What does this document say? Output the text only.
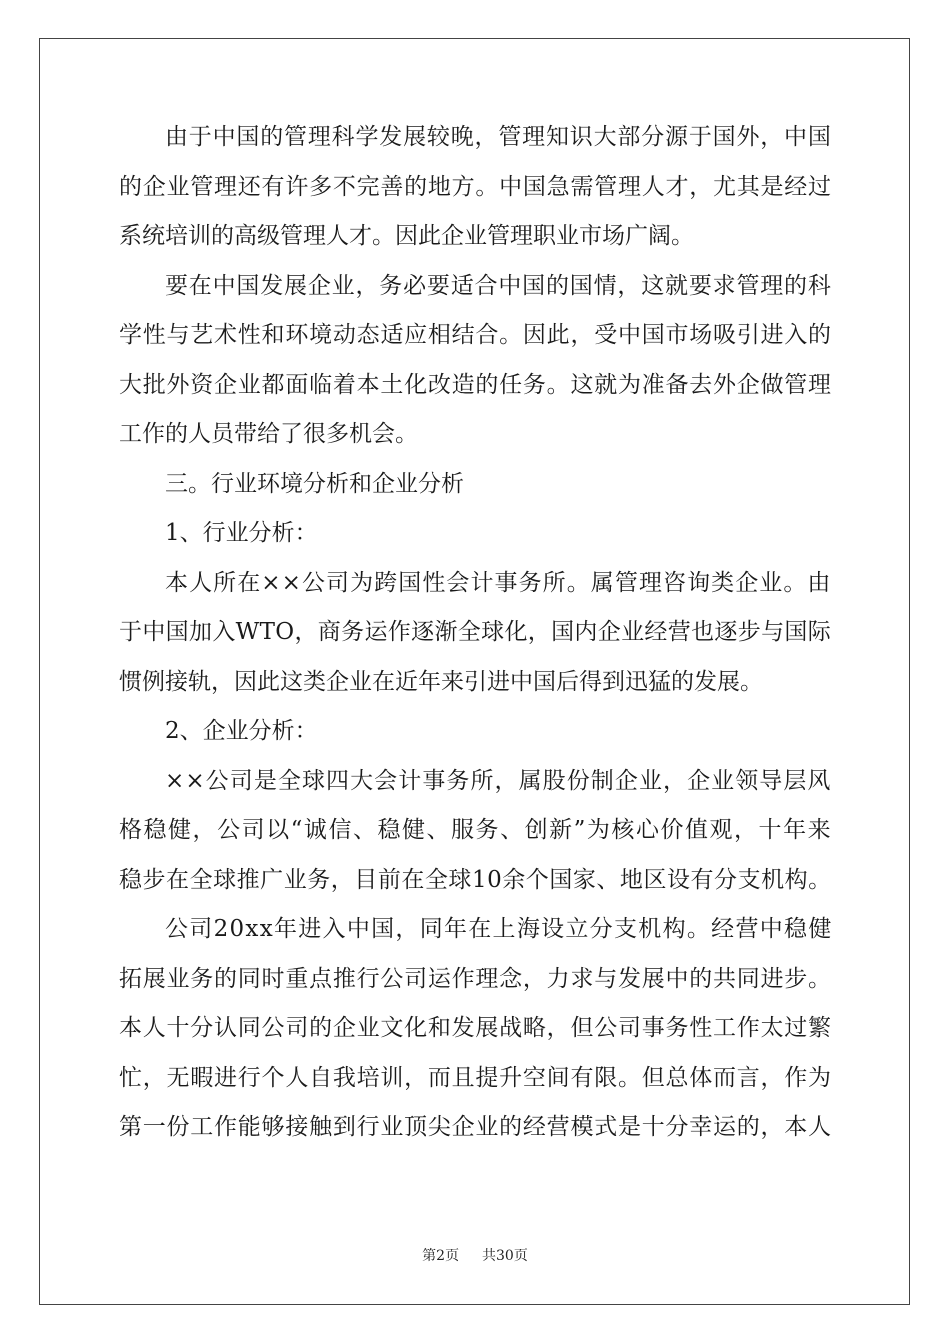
由于中国的管理科学发展较晚，管理知识大部分源于国外，中国
的企业管理还有许多不完善的地方。中国急需管理人才，尤其是经过
系统培训的高级管理人才。因此企业管理职业市场广阔。
要在中国发展企业，务必要适合中国的国情，这就要求管理的科
学性与艺术性和环境动态适应相结合。因此，受中国市场吸引进入的
大批外资企业都面临着本土化改造的任务。这就为准备去外企做管理
工作的人员带给了很多机会。
三。行业环境分析和企业分析
1、行业分析：
本人所在××公司为跨国性会计事务所。属管理咨询类企业。由
于中国加入WTO，商务运作逐渐全球化，国内企业经营也逐步与国际
惯例接轨，因此这类企业在近年来引进中国后得到迅猛的发展。
2、企业分析：
××公司是全球四大会计事务所，属股份制企业，企业领导层风
格稳健，公司以“诚信、稳健、服务、创新”为核心价值观，十年来
稳步在全球推广业务，目前在全球10余个国家、地区设有分支机构。
公司20xx年进入中国，同年在上海设立分支机构。经营中稳健
拓展业务的同时重点推行公司运作理念，力求与发展中的共同进步。
本人十分认同公司的企业文化和发展战略，但公司事务性工作太过繁
忙，无暇进行个人自我培训，而且提升空间有限。但总体而言，作为
第一份工作能够接触到行业顶尖企业的经营模式是十分幸运的，本人
第2页 共30页
